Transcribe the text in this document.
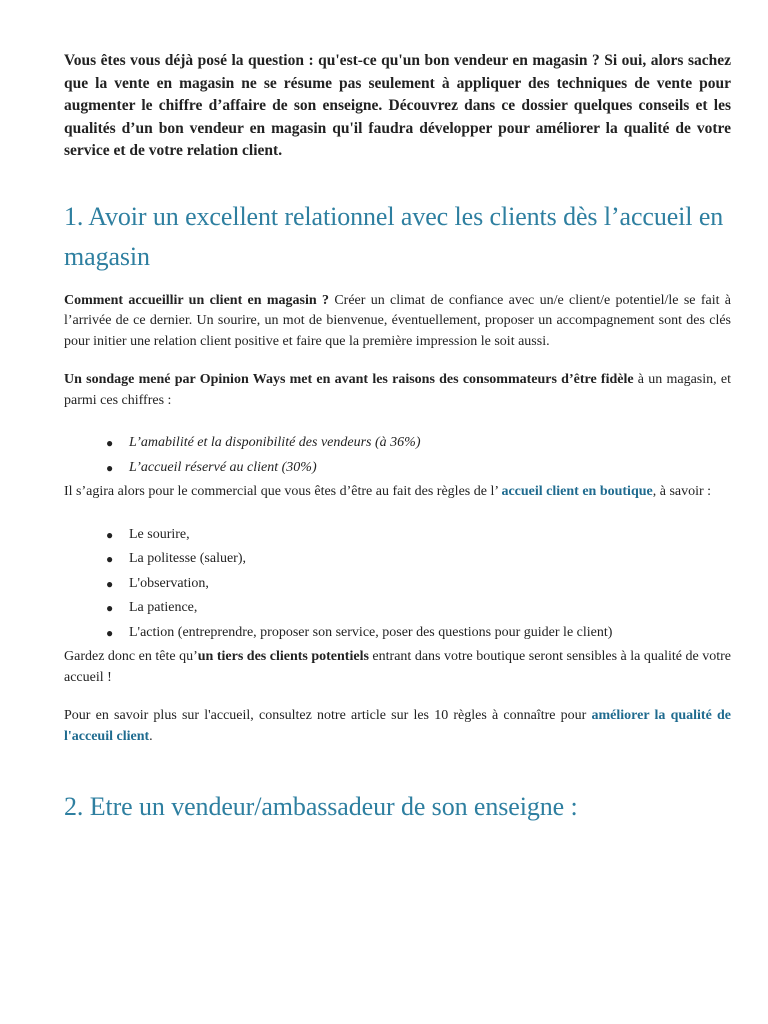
Vous êtes vous déjà posé la question : qu'est-ce qu'un bon vendeur en magasin ? Si oui, alors sachez que la vente en magasin ne se résume pas seulement à appliquer des techniques de vente pour augmenter le chiffre d’affaire de son enseigne. Découvrez dans ce dossier quelques conseils et les qualités d’un bon vendeur en magasin qu'il faudra développer pour améliorer la qualité de votre service et de votre relation client.

1. Avoir un excellent relationnel avec les clients dès l’accueil en magasin

Comment accueillir un client en magasin ? Créer un climat de confiance avec un/e client/e potentiel/le se fait à l’arrivée de ce dernier. Un sourire, un mot de bienvenue, éventuellement, proposer un accompagnement sont des clés pour initier une relation client positive et faire que la première impression le soit aussi.

Un sondage mené par Opinion Ways met en avant les raisons des consommateurs d’être fidèle à un magasin, et parmi ces chiffres :

● L’amabilité et la disponibilité des vendeurs (à 36%)
● L’accueil réservé au client (30%)

Il s’agira alors pour le commercial que vous êtes d’être au fait des règles de l’ accueil client en boutique, à savoir :

● Le sourire,
● La politesse (saluer),
● L'observation,
● La patience,
● L'action (entreprendre, proposer son service, poser des questions pour guider le client)

Gardez donc en tête qu’un tiers des clients potentiels entrant dans votre boutique seront sensibles à la qualité de votre accueil !

Pour en savoir plus sur l'accueil, consultez notre article sur les 10 règles à connaître pour améliorer la qualité de l'acceuil client.

2. Etre un vendeur/ambassadeur de son enseigne :
